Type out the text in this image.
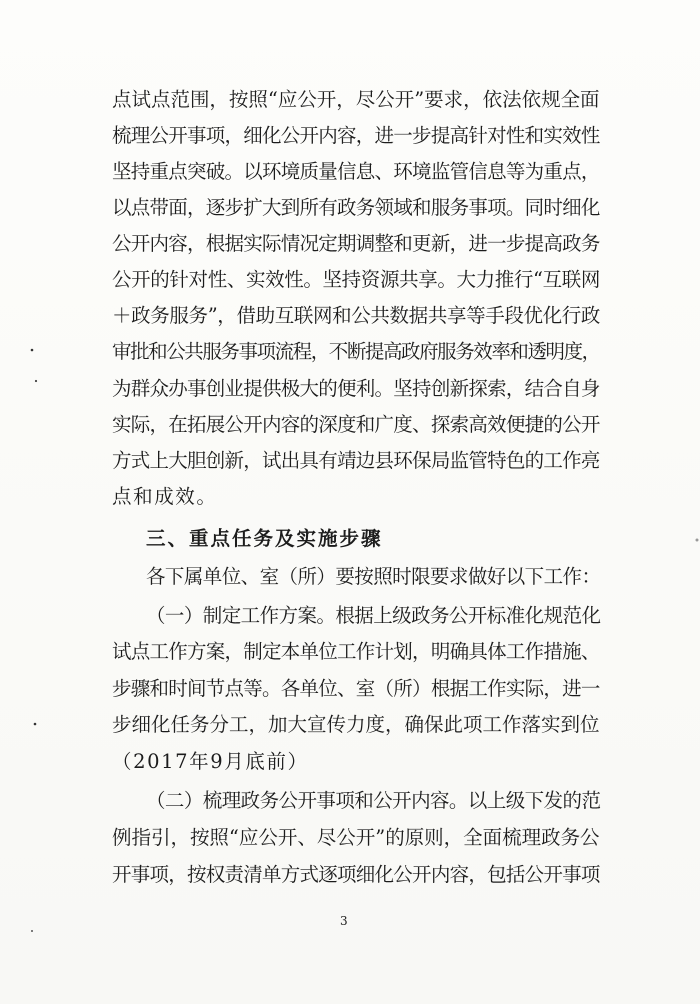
点试点范围，按照“应公开，尽公开”要求，依法依规全面
梳理公开事项，细化公开内容，进一步提高针对性和实效性
坚持重点突破。以环境质量信息、环境监管信息等为重点，
以点带面，逐步扩大到所有政务领域和服务事项。同时细化
公开内容，根据实际情况定期调整和更新，进一步提高政务
公开的针对性、实效性。坚持资源共享。大力推行“互联网
＋政务服务”，借助互联网和公共数据共享等手段优化行政
审批和公共服务事项流程，不断提高政府服务效率和透明度，
为群众办事创业提供极大的便利。坚持创新探索，结合自身
实际，在拓展公开内容的深度和广度、探索高效便捷的公开
方式上大胆创新，试出具有靖边县环保局监管特色的工作亮
点和成效。
三、重点任务及实施步骤
各下属单位、室（所）要按照时限要求做好以下工作：
（一）制定工作方案。根据上级政务公开标准化规范化
试点工作方案，制定本单位工作计划，明确具体工作措施、
步骤和时间节点等。各单位、室（所）根据工作实际，进一
步细化任务分工，加大宣传力度，确保此项工作落实到位
（2017年9月底前）
（二）梳理政务公开事项和公开内容。以上级下发的范
例指引，按照“应公开、尽公开”的原则，全面梳理政务公
开事项，按权责清单方式逐项细化公开内容，包括公开事项
3
